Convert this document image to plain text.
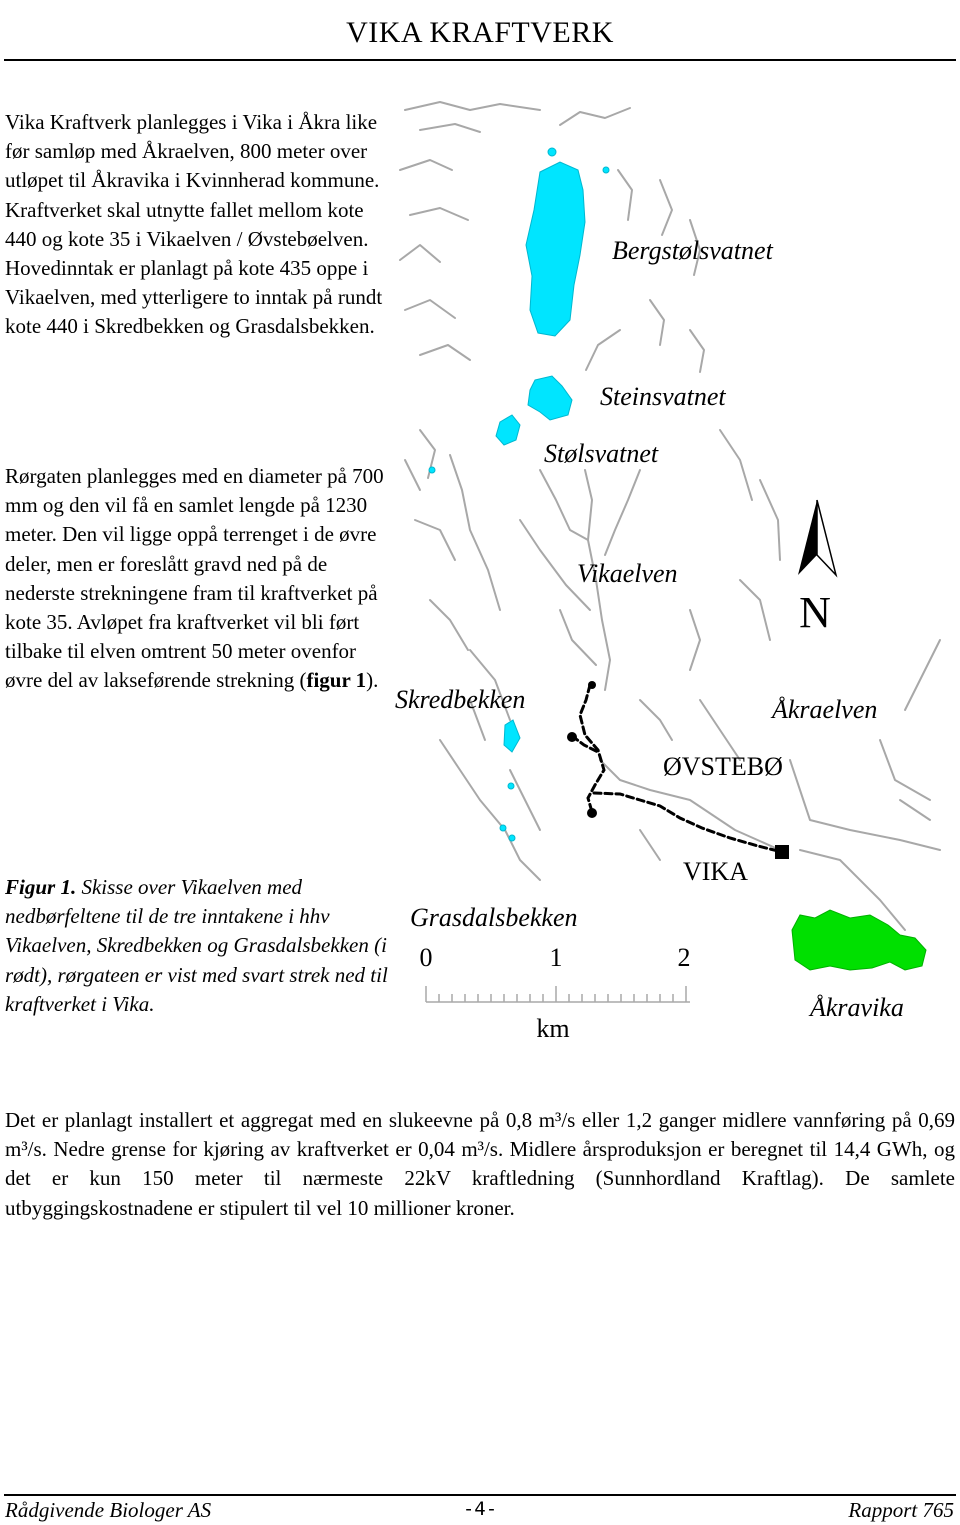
VIKA KRAFTVERK

Vika Kraftverk planlegges i Vika i Åkra like før samløp med Åkraelven, 800 meter over utløpet til Åkravika i Kvinnherad kommune. Kraftverket skal utnytte fallet mellom kote 440 og kote 35 i Vikaelven / Øvstebøelven. Hovedinntak er planlagt på kote 435 oppe i Vikaelven, med ytterligere to inntak på rundt kote 440 i Skredbekken og Grasdalsbekken.

Rørgaten planlegges med en diameter på 700 mm og den vil få en samlet lengde på 1230 meter. Den vil ligge oppå terrenget i de øvre deler, men er foreslått gravd ned på de nederste strekningene fram til kraftverket på kote 35. Avløpet fra kraftverket vil bli ført tilbake til elven omtrent 50 meter ovenfor øvre del av lakseførende strekning (figur 1).

Figur 1. Skisse over Vikaelven med nedbørfeltene til de tre inntakene i hhv Vikaelven, Skredbekken og Grasdalsbekken (i rødt), rørgateen er vist med svart strek ned til kraftverket i Vika.

N
0	1	2
km
Bergstølsvatnet
Steinsvatnet
Stølsvatnet
Vikaelven
Skredbekken	Åkraelven
ØVSTEBØ
VIKA
Grasdalsbekken
Åkravika

Det er planlagt installert et aggregat med en slukeevne på 0,8 m³/s eller 1,2 ganger midlere vannføring på 0,69 m³/s. Nedre grense for kjøring av kraftverket er 0,04 m³/s. Midlere årsproduksjon er beregnet til 14,4 GWh, og det er kun 150 meter til nærmeste 22kV kraftledning (Sunnhordland Kraftlag). De samlete utbyggingskostnadene er stipulert til vel 10 millioner kroner.

Rådgivende Biologer AS	-4-	Rapport 765
